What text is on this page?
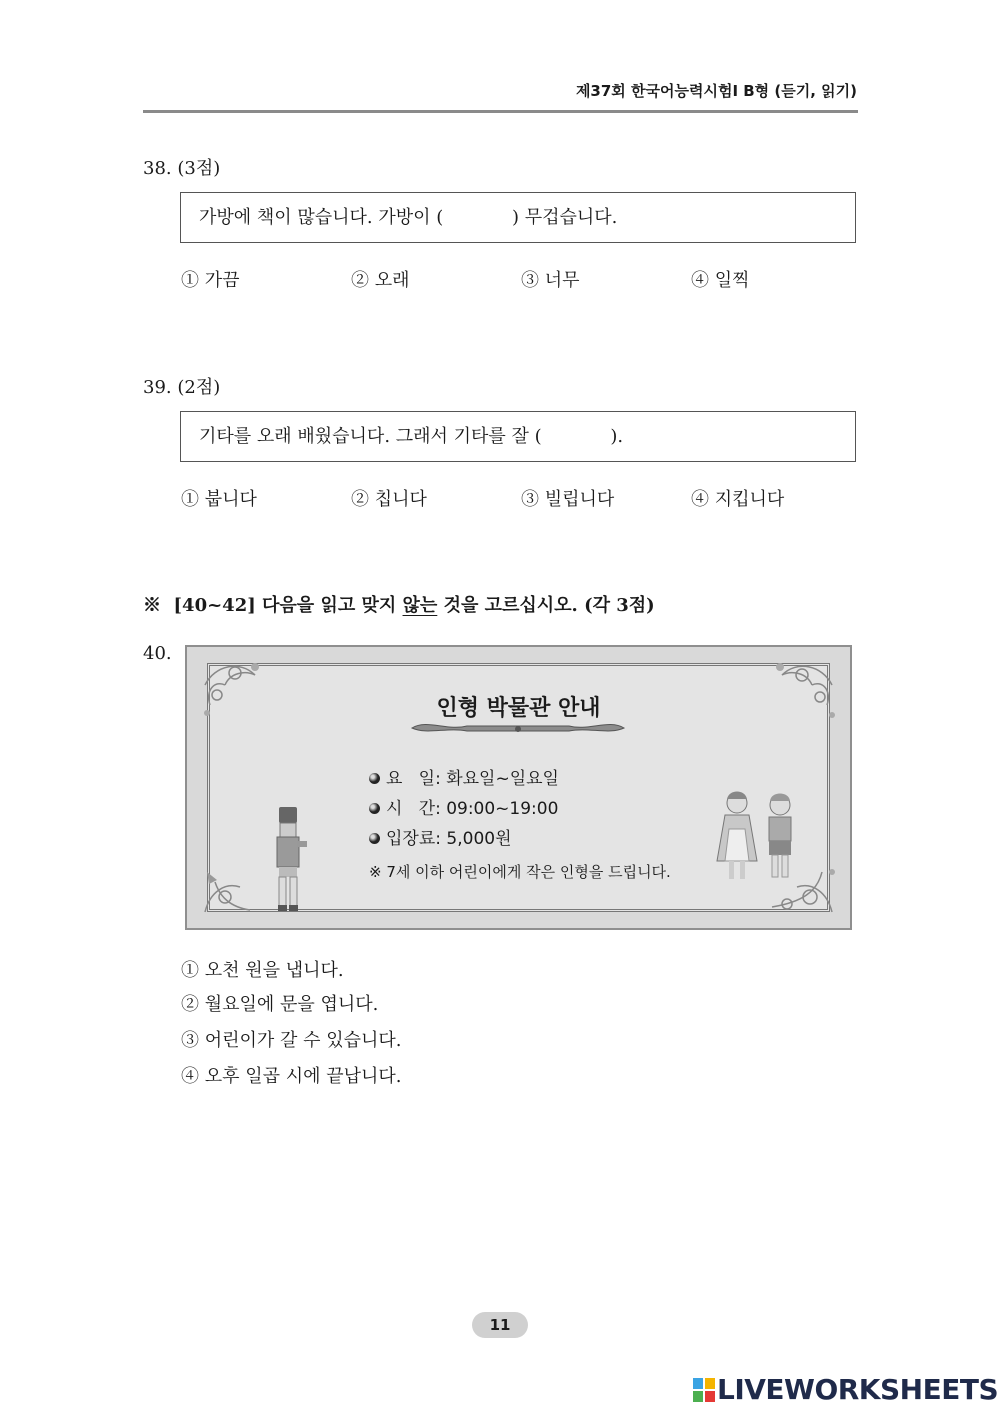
제37회 한국어능력시험Ⅰ B형 (듣기, 읽기)
38. (3점)
가방에 책이 많습니다. 가방이 (            ) 무겁습니다.
① 가끔	② 오래	③ 너무	④ 일찍
39. (2점)
기타를 오래 배웠습니다. 그래서 기타를 잘 (            ).
① 붑니다	② 칩니다	③ 빌립니다	④ 지킵니다
※  [40~42] 다음을 읽고 맞지 않는 것을 고르십시오. (각 3점)
40.
인형 박물관 안내
요   일: 화요일~일요일
시   간: 09:00~19:00
입장료: 5,000원
※ 7세 이하 어린이에게 작은 인형을 드립니다.
① 오천 원을 냅니다.
② 월요일에 문을 엽니다.
③ 어린이가 갈 수 있습니다.
④ 오후 일곱 시에 끝납니다.
11
LIVEWORKSHEETS
